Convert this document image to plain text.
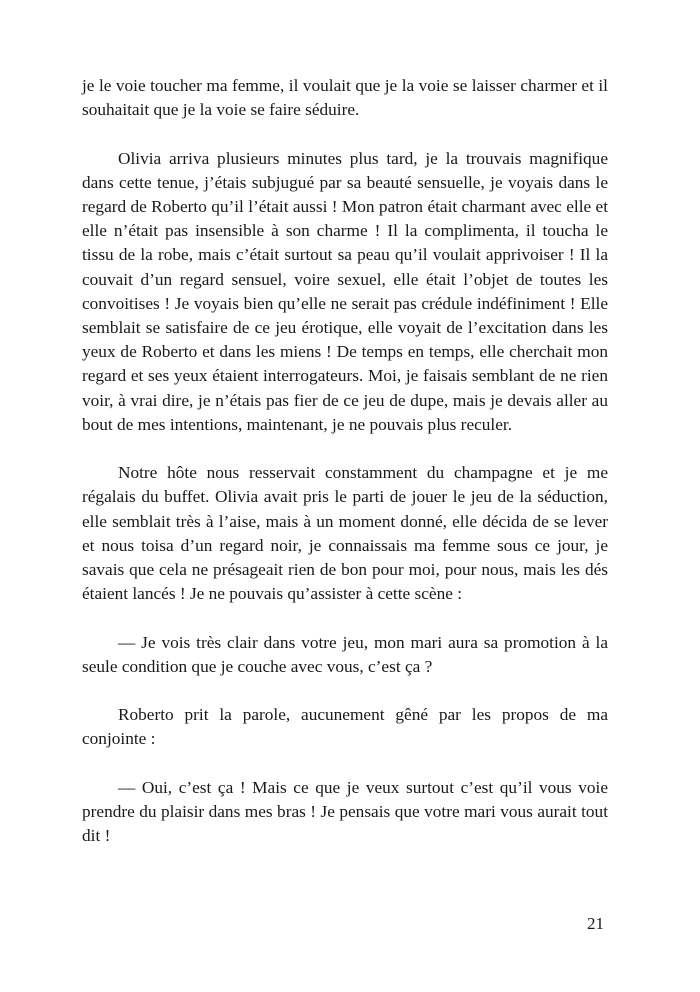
je le voie toucher ma femme, il voulait que je la voie se laisser charmer et il souhaitait que je la voie se faire séduire.

Olivia arriva plusieurs minutes plus tard, je la trouvais magnifique dans cette tenue, j’étais subjugué par sa beauté sensuelle, je voyais dans le regard de Roberto qu’il l’était aussi ! Mon patron était charmant avec elle et elle n’était pas insensible à son charme ! Il la complimenta, il toucha le tissu de la robe, mais c’était surtout sa peau qu’il voulait apprivoiser ! Il la couvait d’un regard sensuel, voire sexuel, elle était l’objet de toutes les convoitises ! Je voyais bien qu’elle ne serait pas crédule indéfiniment ! Elle semblait se satisfaire de ce jeu érotique, elle voyait de l’excitation dans les yeux de Roberto et dans les miens ! De temps en temps, elle cherchait mon regard et ses yeux étaient interrogateurs. Moi, je faisais semblant de ne rien voir, à vrai dire, je n’étais pas fier de ce jeu de dupe, mais je devais aller au bout de mes intentions, maintenant, je ne pouvais plus reculer.

Notre hôte nous resservait constamment du champagne et je me régalais du buffet. Olivia avait pris le parti de jouer le jeu de la séduction, elle semblait très à l’aise, mais à un moment donné, elle décida de se lever et nous toisa d’un regard noir, je connaissais ma femme sous ce jour, je savais que cela ne présageait rien de bon pour moi, pour nous, mais les dés étaient lancés ! Je ne pouvais qu’assister à cette scène :

— Je vois très clair dans votre jeu, mon mari aura sa promotion à la seule condition que je couche avec vous, c’est ça ?

Roberto prit la parole, aucunement gêné par les propos de ma conjointe :

— Oui, c’est ça ! Mais ce que je veux surtout c’est qu’il vous voie prendre du plaisir dans mes bras ! Je pensais que votre mari vous aurait tout dit !

21
